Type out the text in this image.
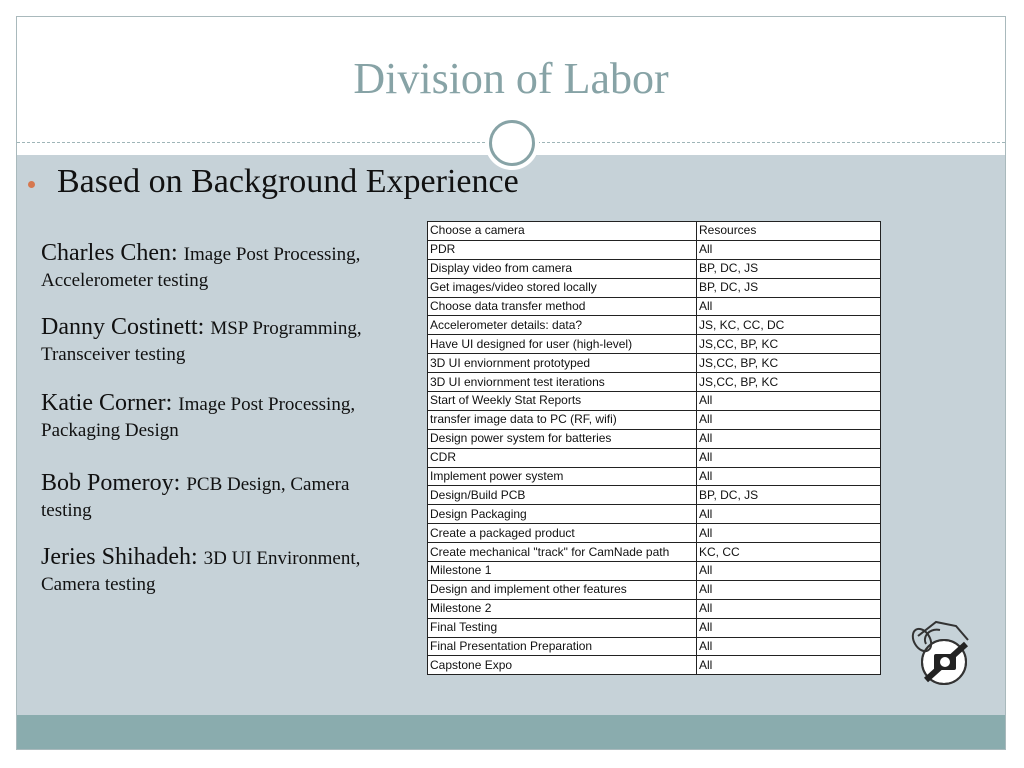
Division of Labor
Based on Background Experience
Charles Chen: Image Post Processing, Accelerometer testing
Danny Costinett: MSP Programming, Transceiver testing
Katie Corner: Image Post Processing, Packaging Design
Bob Pomeroy: PCB Design, Camera testing
Jeries Shihadeh: 3D UI Environment, Camera testing
Choose a camera	Resources
PDR	All
Display video from camera	BP, DC, JS
Get images/video stored locally	BP, DC, JS
Choose data transfer method	All
Accelerometer details: data?	JS, KC, CC, DC
Have UI designed for user (high-level)	JS,CC, BP, KC
3D UI enviornment prototyped	JS,CC, BP, KC
3D UI enviornment test iterations	JS,CC, BP, KC
Start of Weekly Stat Reports	All
transfer image data to PC (RF, wifi)	All
Design power system for batteries	All
CDR	All
Implement power system	All
Design/Build PCB	BP, DC, JS
Design Packaging	All
Create a packaged product	All
Create mechanical "track" for CamNade path	KC, CC
Milestone 1	All
Design and implement other features	All
Milestone 2	All
Final Testing	All
Final Presentation Preparation	All
Capstone Expo	All
